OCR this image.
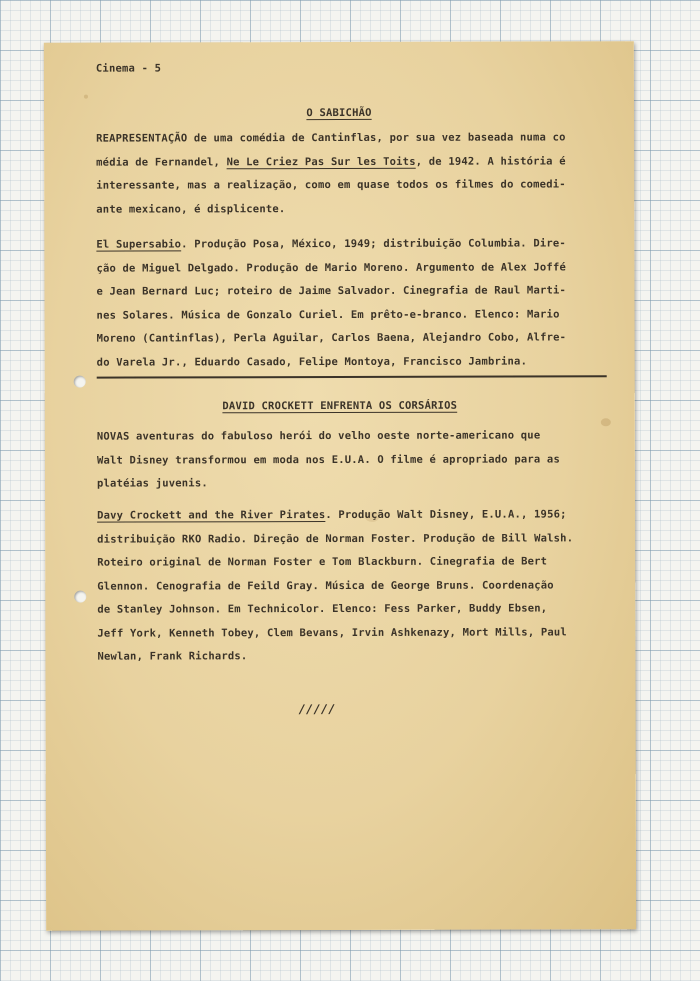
Cinema - 5
O SABICHÃO
REAPRESENTAÇÃO de uma comédia de Cantinflas, por sua vez baseada numa co
média de Fernandel, Ne Le Criez Pas Sur les Toits, de 1942. A história é
interessante, mas a realização, como em quase todos os filmes do comedi-
ante mexicano, é displicente.
El Supersabio. Produção Posa, México, 1949; distribuição Columbia. Dire-
ção de Miguel Delgado. Produção de Mario Moreno. Argumento de Alex Joffé
e Jean Bernard Luc; roteiro de Jaime Salvador. Cinegrafia de Raul Marti-
nes Solares. Música de Gonzalo Curiel. Em prêto-e-branco. Elenco: Mario
Moreno (Cantinflas), Perla Aguilar, Carlos Baena, Alejandro Cobo, Alfre-
do Varela Jr., Eduardo Casado, Felipe Montoya, Francisco Jambrina.
DAVID CROCKETT ENFRENTA OS CORSÁRIOS
NOVAS aventuras do fabuloso herói do velho oeste norte-americano que
Walt Disney transformou em moda nos E.U.A. O filme é apropriado para as
platéias juvenis.
Davy Crockett and the River Pirates. Produção Walt Disney, E.U.A., 1956;
distribuição RKO Radio. Direção de Norman Foster. Produção de Bill Walsh.
Roteiro original de Norman Foster e Tom Blackburn. Cinegrafia de Bert
Glennon. Cenografia de Feild Gray. Música de George Bruns. Coordenação
de Stanley Johnson. Em Technicolor. Elenco: Fess Parker, Buddy Ebsen,
Jeff York, Kenneth Tobey, Clem Bevans, Irvin Ashkenazy, Mort Mills, Paul
Newlan, Frank Richards.
/////
